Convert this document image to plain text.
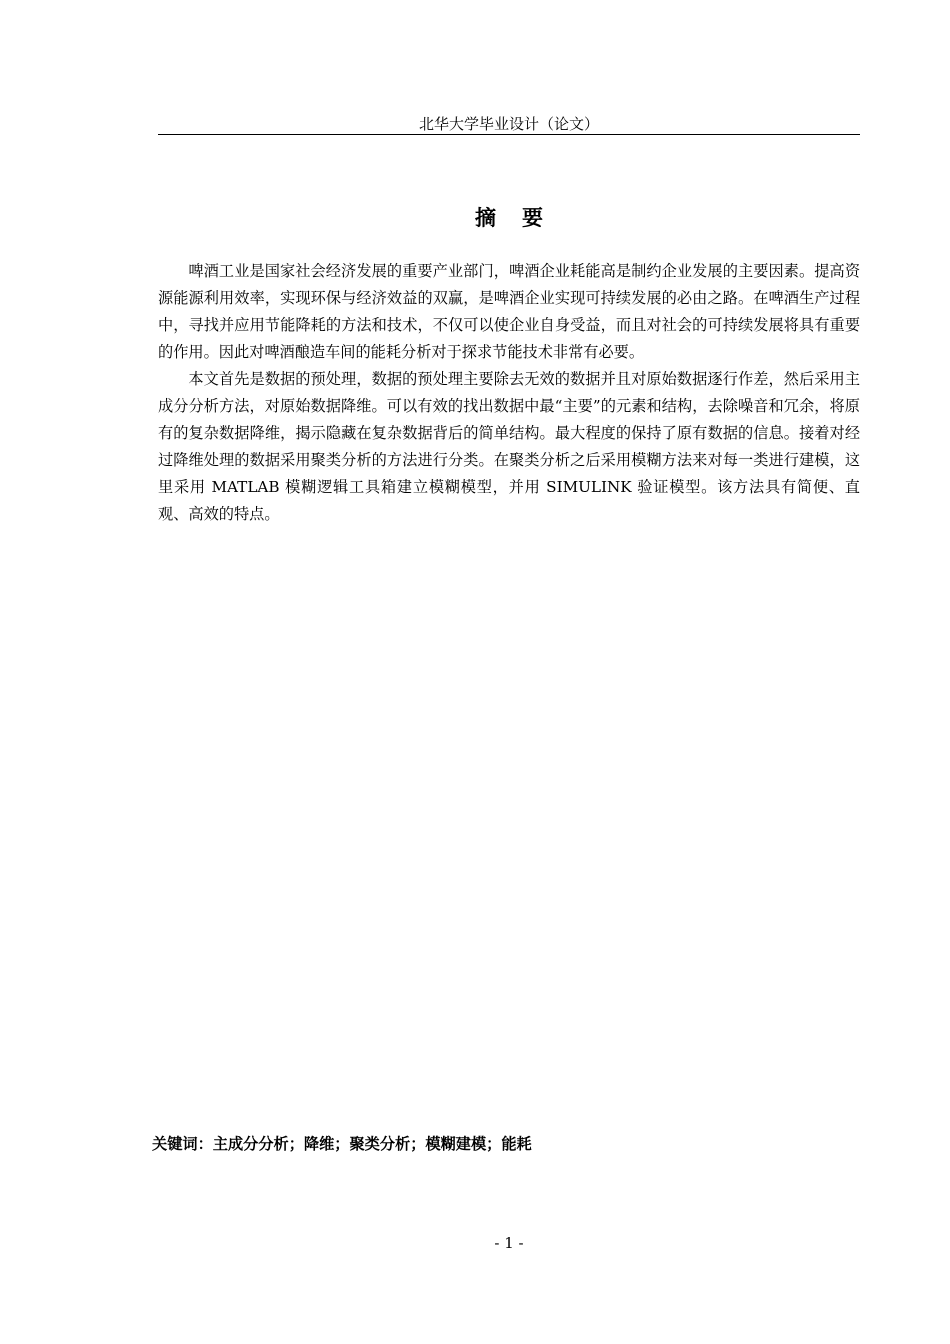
北华大学毕业设计（论文）
摘要

啤酒工业是国家社会经济发展的重要产业部门，啤酒企业耗能高是制约企业发展的主要因素。提高资源能源利用效率，实现环保与经济效益的双赢，是啤酒企业实现可持续发展的必由之路。在啤酒生产过程中，寻找并应用节能降耗的方法和技术，不仅可以使企业自身受益，而且对社会的可持续发展将具有重要的作用。因此对啤酒酿造车间的能耗分析对于探求节能技术非常有必要。

本文首先是数据的预处理，数据的预处理主要除去无效的数据并且对原始数据逐行作差，然后采用主成分分析方法，对原始数据降维。可以有效的找出数据中最“主要”的元素和结构，去除噪音和冗余，将原有的复杂数据降维，揭示隐藏在复杂数据背后的简单结构。最大程度的保持了原有数据的信息。接着对经过降维处理的数据采用聚类分析的方法进行分类。在聚类分析之后采用模糊方法来对每一类进行建模，这里采用 MATLAB 模糊逻辑工具箱建立模糊模型，并用 SIMULINK 验证模型。该方法具有简便、直观、高效的特点。

关键词：主成分分析；降维；聚类分析；模糊建模；能耗
- 1 -
